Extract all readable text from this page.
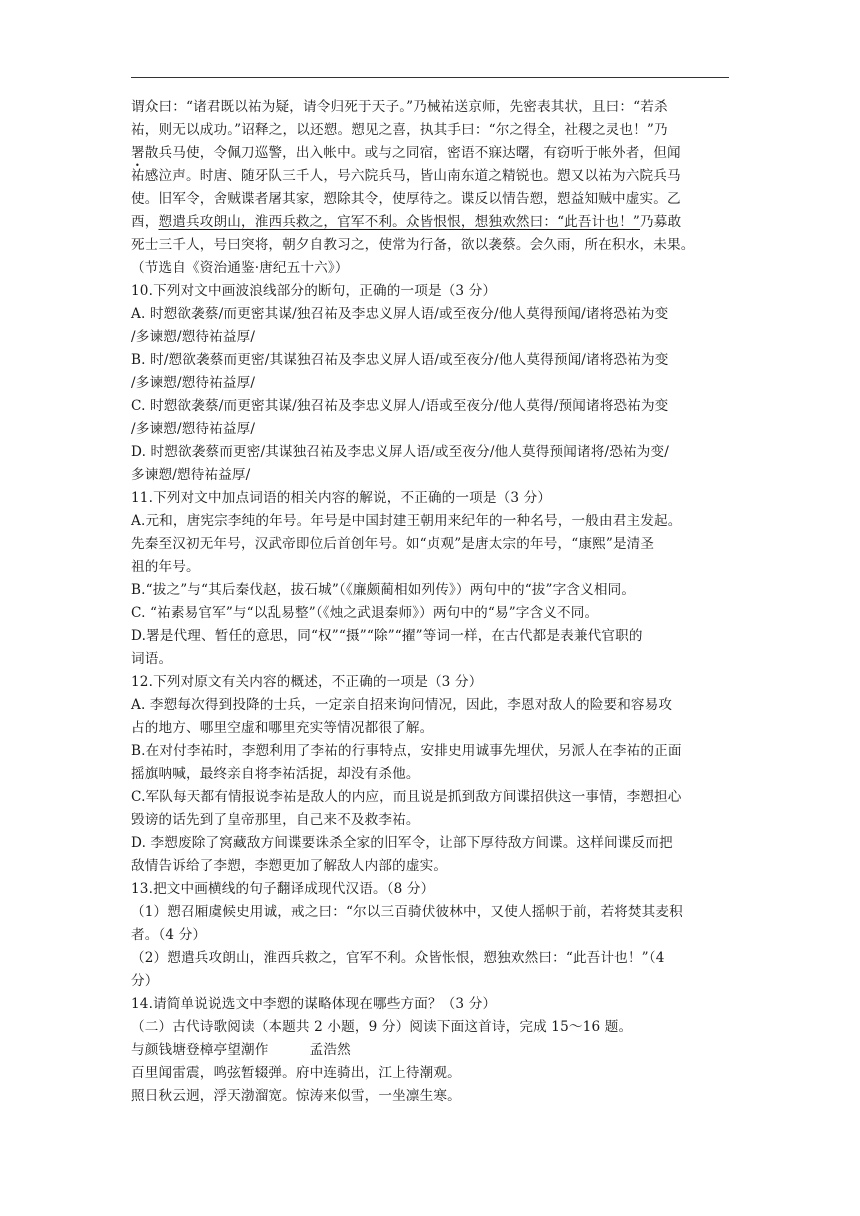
谓众曰：“诸君既以祐为疑，请令归死于天子。”乃械祐送京师，先密表其状，且曰：“若杀
祐，则无以成功。”诏释之，以还愬。愬见之喜，执其手曰：“尔之得全，社稷之灵也！”乃
署散兵马使，令佩刀巡警，出入帐中。或与之同宿，密语不寐达曙，有窃听于帐外者，但闻
祐感泣声。时唐、随牙队三千人，号六院兵马，皆山南东道之精锐也。愬又以祐为六院兵马
使。旧军令，舍贼谍者屠其家，愬除其令，使厚待之。谍反以情告愬，愬益知贼中虚实。乙
酉，愬遣兵攻朗山，淮西兵救之，官军不利。众皆恨恨，想独欢然曰：“此吾计也！”乃募敢
死士三千人，号曰突将，朝夕自教习之，使常为行备，欲以袭蔡。会久雨，所在积水，未果。
（节选自《资治通鉴·唐纪五十六》）
10.下列对文中画波浪线部分的断句，正确的一项是（3 分）
A. 时愬欲袭蔡/而更密其谋/独召祐及李忠义屏人语/或至夜分/他人莫得预闻/诸将恐祐为变
/多谏愬/愬待祐益厚/
B. 时/愬欲袭蔡而更密/其谋独召祐及李忠义屏人语/或至夜分/他人莫得预闻/诸将恐祐为变
/多谏愬/愬待祐益厚/
C. 时愬欲袭蔡/而更密其谋/独召祐及李忠义屏人/语或至夜分/他人莫得/预闻诸将恐祐为变
/多谏愬/愬待祐益厚/
D. 时愬欲袭蔡而更密/其谋独召祐及李忠义屏人语/或至夜分/他人莫得预闻诸将/恐祐为变/
多谏愬/愬待祐益厚/
11.下列对文中加点词语的相关内容的解说，不正确的一项是（3 分）
A.元和，唐宪宗李纯的年号。年号是中国封建王朝用来纪年的一种名号，一般由君主发起。
先秦至汉初无年号，汉武帝即位后首创年号。如“贞观”是唐太宗的年号，“康熙”是清圣
祖的年号。
B.“拔之”与“其后秦伐赵，拔石城”（《廉颇蔺相如列传》）两句中的“拔”字含义相同。
C. “祐素易官军”与“以乱易整”（《烛之武退秦师》）两句中的“易”字含义不同。
D.署是代理、暂任的意思，同“权”“摄”“除”“擢”等词一样，在古代都是表兼代官职的
词语。
12.下列对原文有关内容的概述，不正确的一项是（3 分）
A. 李愬每次得到投降的士兵，一定亲自招来询问情况，因此，李恩对敌人的险要和容易攻
占的地方、哪里空虚和哪里充实等情况都很了解。
B.在对付李祐时，李愬利用了李祐的行事特点，安排史用诚事先埋伏，另派人在李祐的正面
摇旗呐喊，最终亲自将李祐活捉，却没有杀他。
C.军队每天都有情报说李祐是敌人的内应，而且说是抓到敌方间谍招供这一事情，李愬担心
毁谤的话先到了皇帝那里，自己来不及救李祐。
D. 李愬废除了窝藏敌方间谍要诛杀全家的旧军令，让部下厚待敌方间谍。这样间谍反而把
敌情告诉给了李愬，李愬更加了解敌人内部的虚实。
13.把文中画横线的句子翻译成现代汉语。（8 分）
（1）愬召厢虞候史用诚，戒之曰：“尔以三百骑伏彼林中，又使人摇帜于前，若将焚其麦积
者。（4 分）
（2）愬遣兵攻朗山，淮西兵救之，官军不利。众皆怅恨，愬独欢然曰：“此吾计也！”（4
分）
14.请简单说说选文中李愬的谋略体现在哪些方面？（3 分）
（二）古代诗歌阅读（本题共 2 小题，9 分）阅读下面这首诗，完成 15～16 题。
与颜钱塘登樟亭望潮作　　　孟浩然
百里闻雷震，鸣弦暂辍弹。府中连骑出，江上待潮观。
照日秋云迥，浮天渤溜宽。惊涛来似雪，一坐凛生寒。
